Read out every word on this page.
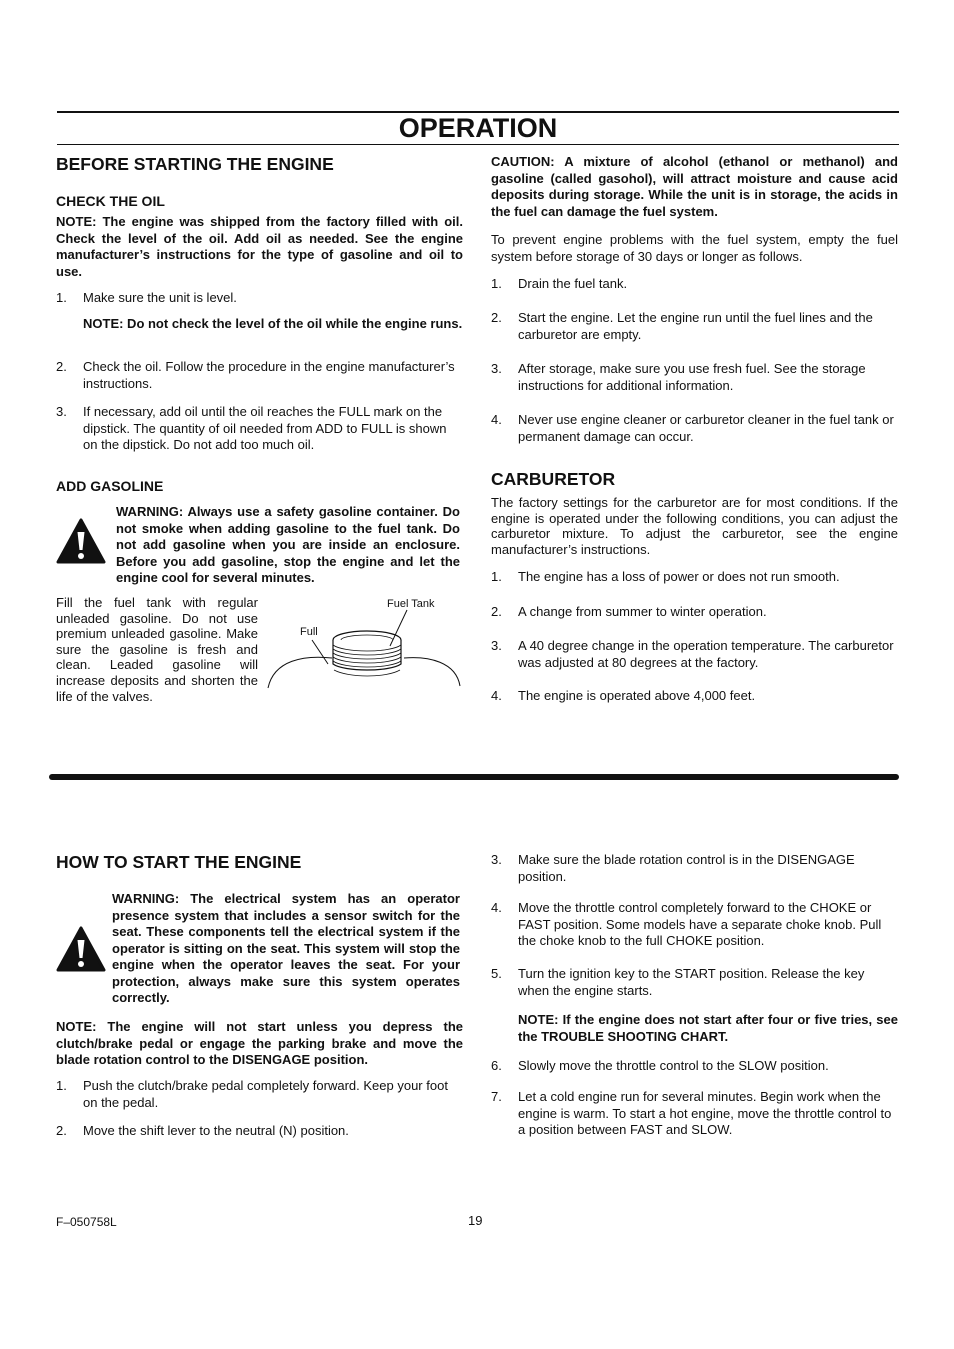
OPERATION
BEFORE STARTING THE ENGINE
CHECK THE OIL
NOTE: The engine was shipped from the factory filled with oil. Check the level of the oil. Add oil as needed. See the engine manufacturer’s instructions for the type of gasoline and oil to use.
1. Make sure the unit is level.
NOTE: Do not check the level of the oil while the engine runs.
2. Check the oil. Follow the procedure in the engine manufacturer’s instructions.
3. If necessary, add oil until the oil reaches the FULL mark on the dipstick. The quantity of oil needed from ADD to FULL is shown on the dipstick. Do not add too much oil.
ADD GASOLINE
WARNING: Always use a safety gasoline container. Do not smoke when adding gasoline to the fuel tank. Do not add gasoline when you are inside an enclosure. Before you add gasoline, stop the engine and let the engine cool for several minutes.
Fill the fuel tank with regular unleaded gasoline. Do not use premium unleaded gasoline. Make sure the gasoline is fresh and clean. Leaded gasoline will increase deposits and shorten the life of the valves.
Fuel Tank
Full
CAUTION: A mixture of alcohol (ethanol or methanol) and gasoline (called gasohol), will attract moisture and cause acid deposits during storage. While the unit is in storage, the acids in the fuel can damage the fuel system.
To prevent engine problems with the fuel system, empty the fuel system before storage of 30 days or longer as follows.
1. Drain the fuel tank.
2. Start the engine. Let the engine run until the fuel lines and the carburetor are empty.
3. After storage, make sure you use fresh fuel. See the storage instructions for additional information.
4. Never use engine cleaner or carburetor cleaner in the fuel tank or permanent damage can occur.
CARBURETOR
The factory settings for the carburetor are for most conditions. If the engine is operated under the following conditions, you can adjust the carburetor mixture. To adjust the carburetor, see the engine manufacturer’s instructions.
1. The engine has a loss of power or does not run smooth.
2. A change from summer to winter operation.
3. A 40 degree change in the operation temperature. The carburetor was adjusted at 80 degrees at the factory.
4. The engine is operated above 4,000 feet.
HOW TO START THE ENGINE
WARNING: The electrical system has an operator presence system that includes a sensor switch for the seat. These components tell the electrical system if the operator is sitting on the seat. This system will stop the engine when the operator leaves the seat. For your protection, always make sure this system operates correctly.
NOTE: The engine will not start unless you depress the clutch/brake pedal or engage the parking brake and move the blade rotation control to the DISENGAGE position.
1. Push the clutch/brake pedal completely forward. Keep your foot on the pedal.
2. Move the shift lever to the neutral (N) position.
3. Make sure the blade rotation control is in the DISENGAGE position.
4. Move the throttle control completely forward to the CHOKE or FAST position. Some models have a separate choke knob. Pull the choke knob to the full CHOKE position.
5. Turn the ignition key to the START position. Release the key when the engine starts.
NOTE: If the engine does not start after four or five tries, see the TROUBLE SHOOTING CHART.
6. Slowly move the throttle control to the SLOW position.
7. Let a cold engine run for several minutes. Begin work when the engine is warm. To start a hot engine, move the throttle control to a position between FAST and SLOW.
F–050758L	19
